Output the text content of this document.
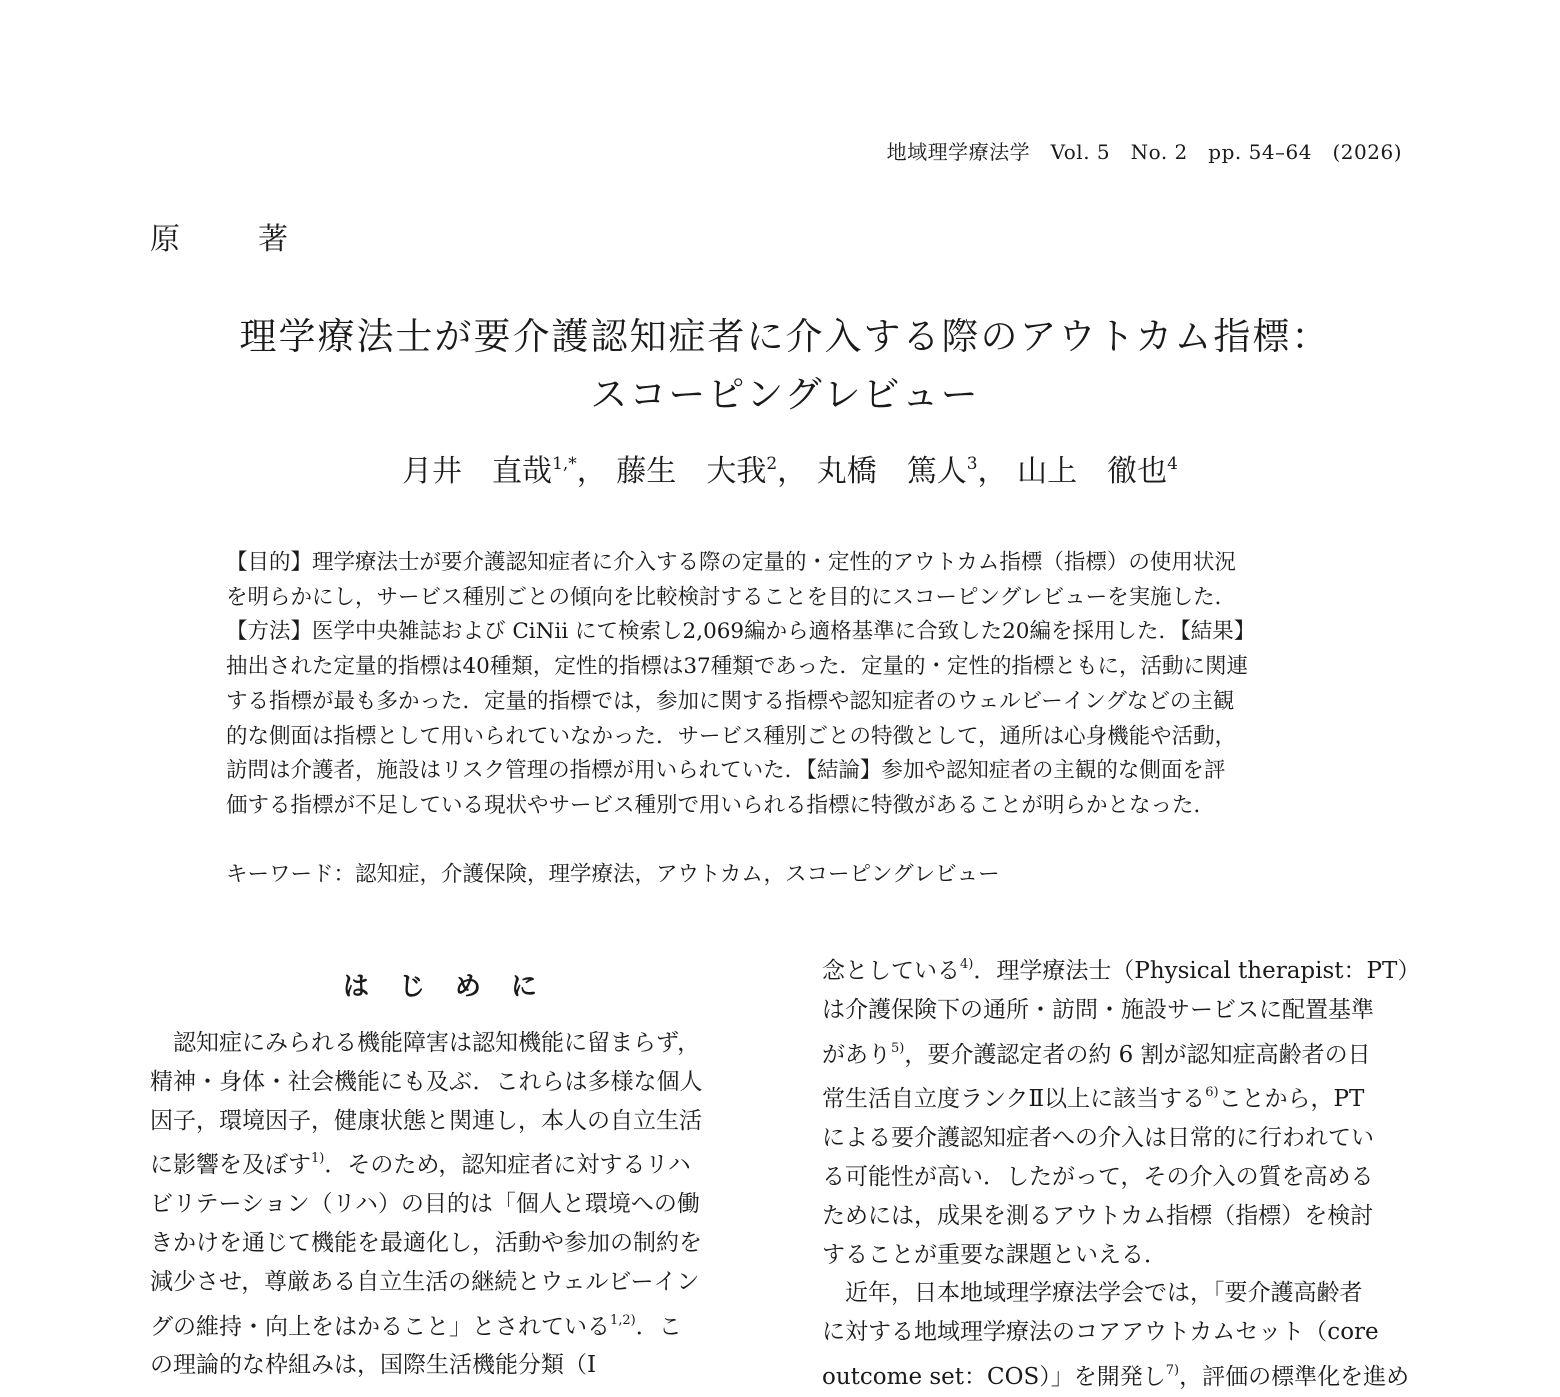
地域理学療法学　Vol. 5　No. 2　pp. 54–64　(2026)
原著
理学療法士が要介護認知症者に介入する際のアウトカム指標：
スコーピングレビュー
月井　直哉$^{1,*}$， 藤生　大我$^2$， 丸橋　篤人$^3$， 山上　徹也$^4$

【目的】理学療法士が要介護認知症者に介入する際の定量的・定性的アウトカム指標（指標）の使用状況

を明らかにし，サービス種別ごとの傾向を比較検討することを目的にスコーピングレビューを実施した．

【方法】医学中央雑誌および CiNii にて検索し2,069編から適格基準に合致した20編を採用した．【結果】

抽出された定量的指標は40種類，定性的指標は37種類であった．定量的・定性的指標ともに，活動に関連

する指標が最も多かった．定量的指標では，参加に関する指標や認知症者のウェルビーイングなどの主観

的な側面は指標として用いられていなかった．サービス種別ごとの特徴として，通所は心身機能や活動，

訪問は介護者，施設はリスク管理の指標が用いられていた．【結論】参加や認知症者の主観的な側面を評

価する指標が不足している現状やサービス種別で用いられる指標に特徴があることが明らかとなった．

キーワード：認知症，介護保険，理学療法，アウトカム，スコーピングレビュー
はじめに

　認知症にみられる機能障害は認知機能に留まらず，

精神・身体・社会機能にも及ぶ．これらは多様な個人

因子，環境因子，健康状態と関連し，本人の自立生活

に影響を及ぼす$^{1)}$．そのため，認知症者に対するリハ

ビリテーション（リハ）の目的は「個人と環境への働

きかけを通じて機能を最適化し，活動や参加の制約を

減少させ，尊厳ある自立生活の継続とウェルビーイン

グの維持・向上をはかること」とされている$^{1,2)}$．こ

の理論的な枠組みは，国際生活機能分類（I

念としている$^{4)}$．理学療法士（Physical therapist：PT）

は介護保険下の通所・訪問・施設サービスに配置基準

があり$^{5)}$，要介護認定者の約 6 割が認知症高齢者の日

常生活自立度ランクⅡ以上に該当する$^{6)}$ことから，PT

による要介護認知症者への介入は日常的に行われてい

る可能性が高い．したがって，その介入の質を高める

ためには，成果を測るアウトカム指標（指標）を検討

することが重要な課題といえる．

　近年，日本地域理学療法学会では，「要介護高齢者

に対する地域理学療法のコアアウトカムセット（core

outcome set：COS）」を開発し$^{7)}$，評価の標準化を進め
